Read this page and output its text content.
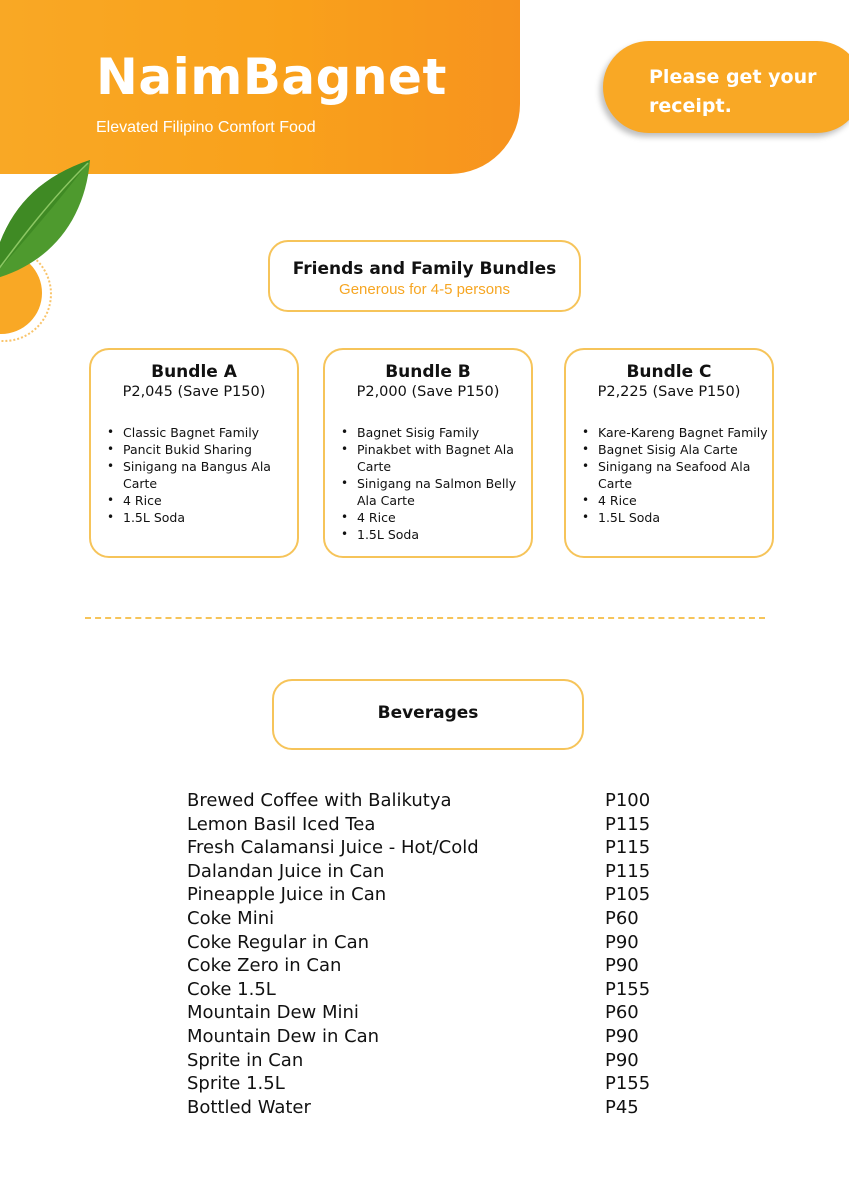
NaimBagnet
Elevated Filipino Comfort Food
Please get your receipt.
Friends and Family Bundles
Generous for 4-5 persons
Bundle A
P2,045 (Save P150)
• Classic Bagnet Family
• Pancit Bukid Sharing
• Sinigang na Bangus Ala Carte
• 4 Rice
• 1.5L Soda
Bundle B
P2,000 (Save P150)
• Bagnet Sisig Family
• Pinakbet with Bagnet Ala Carte
• Sinigang na Salmon Belly Ala Carte
• 4 Rice
• 1.5L Soda
Bundle C
P2,225 (Save P150)
• Kare-Kareng Bagnet Family
• Bagnet Sisig Ala Carte
• Sinigang na Seafood Ala Carte
• 4 Rice
• 1.5L Soda
Beverages
Brewed Coffee with Balikutya	P100
Lemon Basil Iced Tea	P115
Fresh Calamansi Juice - Hot/Cold	P115
Dalandan Juice in Can	P115
Pineapple Juice in Can	P105
Coke Mini	P60
Coke Regular in Can	P90
Coke Zero in Can	P90
Coke 1.5L	P155
Mountain Dew Mini	P60
Mountain Dew in Can	P90
Sprite in Can	P90
Sprite 1.5L	P155
Bottled Water	P45
